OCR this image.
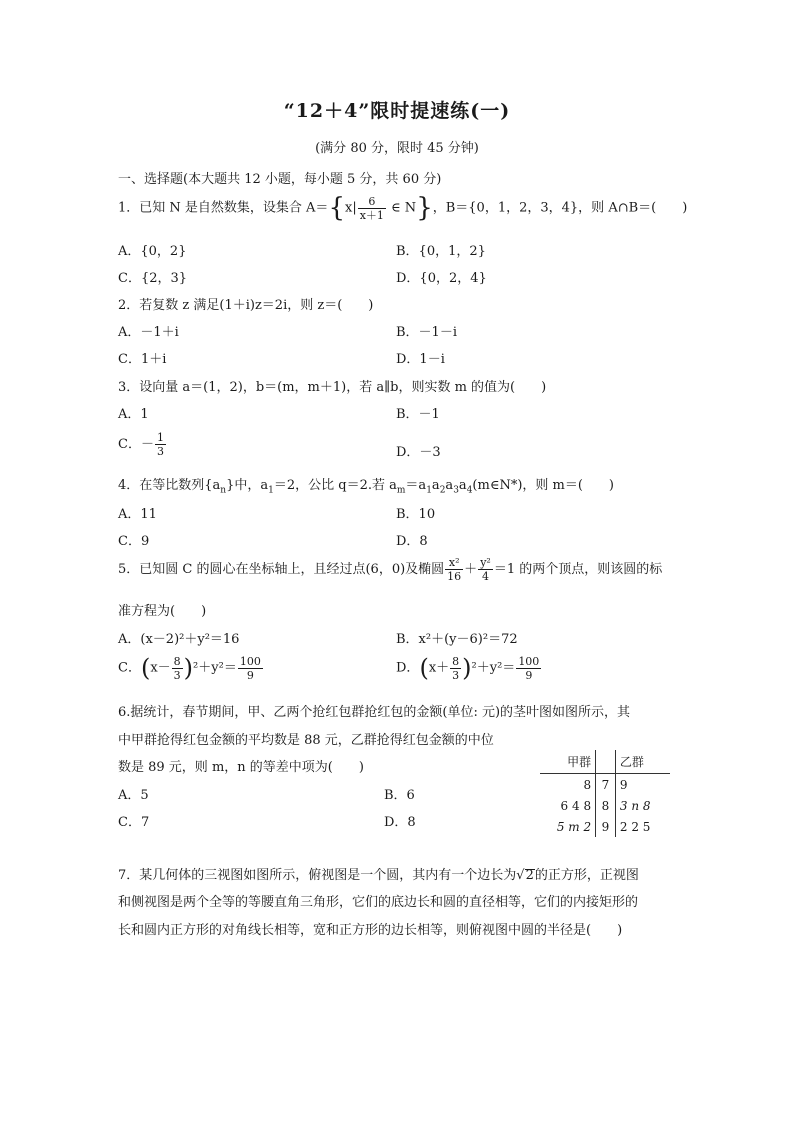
“12＋4”限时提速练(一)
(满分 80 分，限时 45 分钟)
一、选择题(本大题共 12 小题，每小题 5 分，共 60 分)
1．已知 N 是自然数集，设集合 $A=\{x| \frac{6}{x+1}$ ∈ N}，B＝{0，1，2，3，4}，则 A∩B＝(　　)
A．{0，2}	B．{0，1，2}
C．{2，3}	D．{0，2，4}
2．若复数 z 满足(1＋i)z＝2i，则 z＝(　　)
A．－1＋i	B．－1－i
C．1＋i	D．1－i
3．设向量 a＝(1，2)，b＝(m，m＋1)，若 a∥b，则实数 m 的值为(　　)
A．1	B．－1
C．－ $\frac{1}{3}$	D．－3
4．在等比数列$\{a_n\}$中，$a_1=2$，公比 q＝2.若 $a_m=a_1a_2a_3a_4(m\in N*)$，则 m＝(　　)
A．11	B．10
C．9	D．8
5．已知圆 C 的圆心在坐标轴上，且经过点(6，0)及椭圆 $\frac{\text{x²}}{16} + \frac{\text{y²}}{4} =1$ 的两个顶点，则该圆的标
准方程为(　　)
A．(x－2)²＋y²＝16	B．x²＋(y－6)²＝72
C．$(x- \frac{8}{3} )^2+y^2= \frac{100}{9}$	D．$(x+ \frac{8}{3} )^2+y^2= \frac{100}{9}$
6.据统计，春节期间，甲、乙两个抢红包群抢红包的金额(单位: 元)的茎叶图如图所示，其
中甲群抢得红包金额的平均数是 88 元，乙群抢得红包金额的中位
数是 89 元，则 m，n 的等差中项为(　　)
A．5	B．6
C．7	D．8
甲群		乙群
8	7	9
6 4 8	8	3 n 8
5 m 2	9	2 2 5
7．某几何体的三视图如图所示，俯视图是一个圆，其内有一个边长为√2的正方形，正视图
和侧视图是两个全等的等腰直角三角形，它们的底边长和圆的直径相等，它们的内接矩形的
长和圆内正方形的对角线长相等，宽和正方形的边长相等，则俯视图中圆的半径是(　　)
